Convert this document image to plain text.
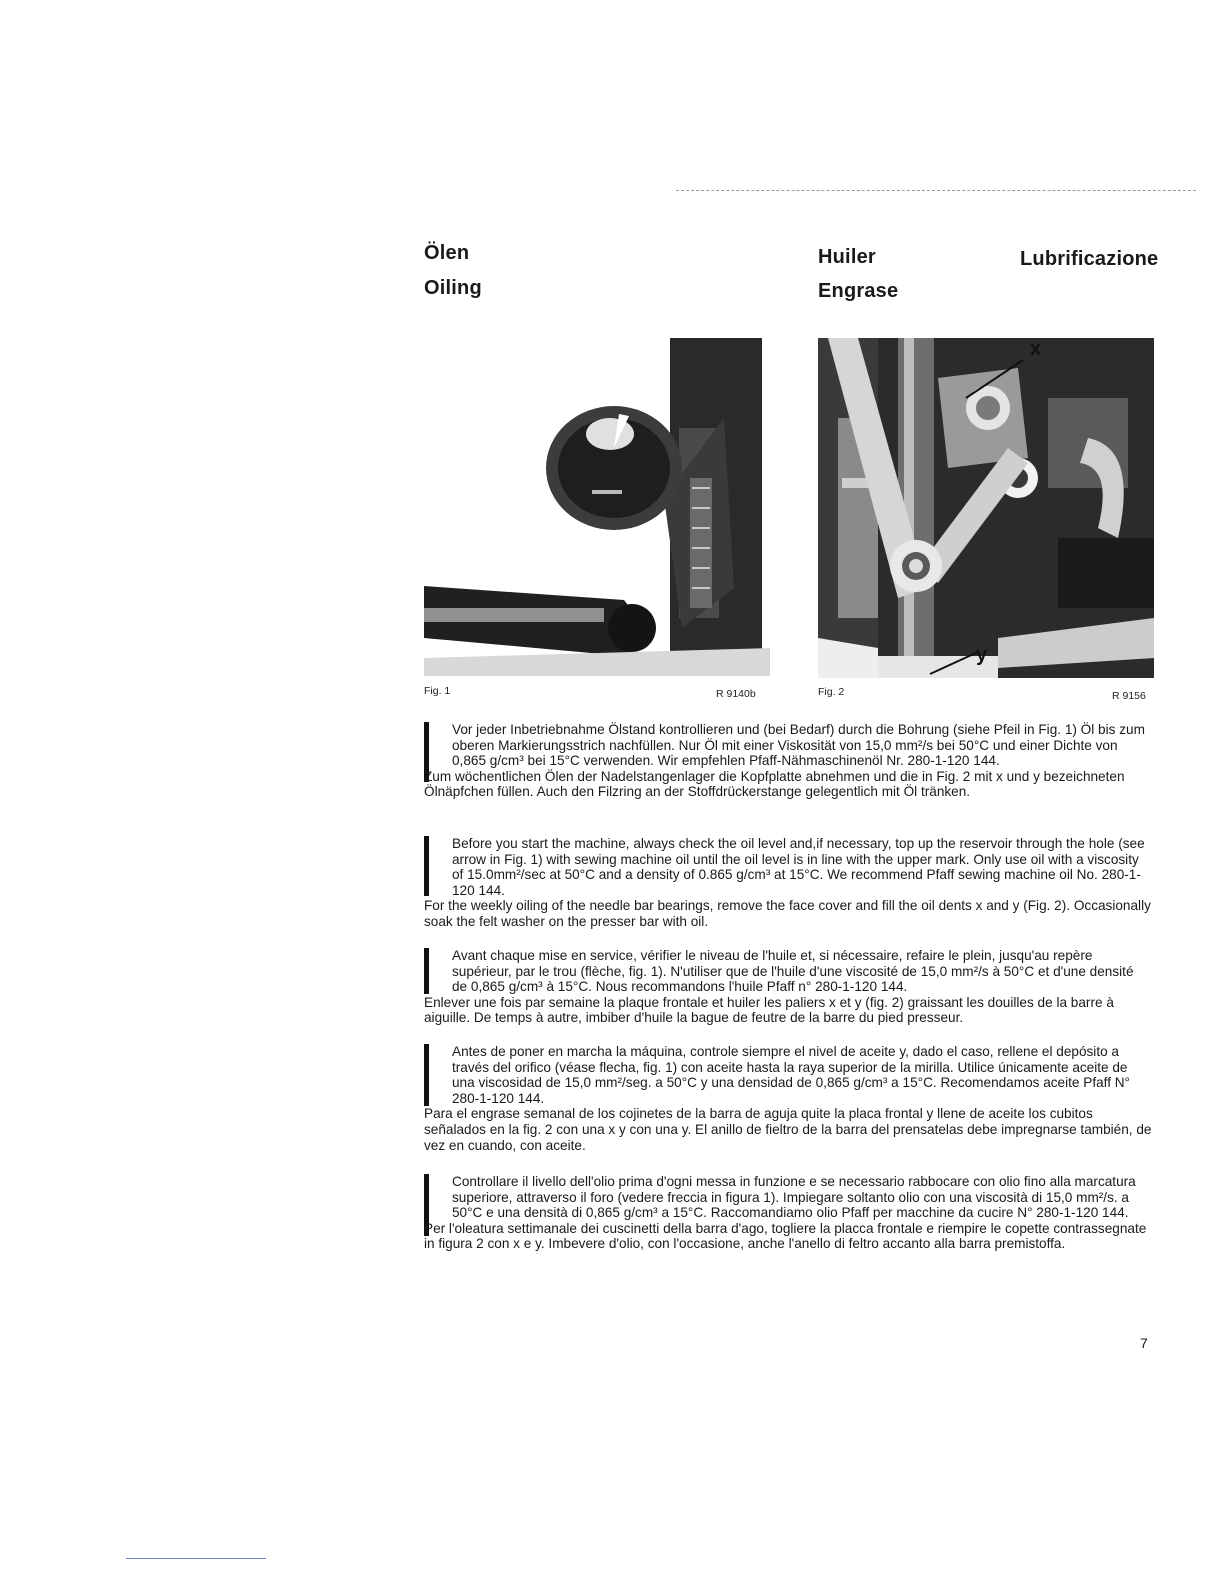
Ölen
Oiling
Huiler
Engrase
Lubrificazione
Fig. 1	R 9140b
x
y
Fig. 2	R 9156

Vor jeder Inbetriebnahme Ölstand kontrollieren und (bei Bedarf) durch die Bohrung (siehe Pfeil in Fig. 1) Öl bis zum oberen Markierungsstrich nachfüllen. Nur Öl mit einer Viskosität von 15,0 mm²/s bei 50°C und einer Dichte von 0,865 g/cm³ bei 15°C verwenden. Wir empfehlen Pfaff-Nähmaschinenöl Nr. 280-1-120 144.

Zum wöchentlichen Ölen der Nadelstangenlager die Kopfplatte abnehmen und die in Fig. 2 mit x und y bezeichneten Ölnäpfchen füllen. Auch den Filzring an der Stoffdrückerstange gelegentlich mit Öl tränken.

Before you start the machine, always check the oil level and,if necessary, top up the reservoir through the hole (see arrow in Fig. 1) with sewing machine oil until the oil level is in line with the upper mark. Only use oil with a viscosity of 15.0mm²/sec at 50°C and a density of 0.865 g/cm³ at 15°C. We recommend Pfaff sewing machine oil No. 280-1-120 144.

For the weekly oiling of the needle bar bearings, remove the face cover and fill the oil dents x and y (Fig. 2). Occasionally soak the felt washer on the presser bar with oil.

Avant chaque mise en service, vérifier le niveau de l'huile et, si nécessaire, refaire le plein, jusqu'au repère supérieur, par le trou (flèche, fig. 1). N'utiliser que de l'huile d'une viscosité de 15,0 mm²/s à 50°C et d'une densité de 0,865 g/cm³ à 15°C. Nous recommandons l'huile Pfaff n° 280-1-120 144.

Enlever une fois par semaine la plaque frontale et huiler les paliers x et y (fig. 2) graissant les douilles de la barre à aiguille. De temps à autre, imbiber d'huile la bague de feutre de la barre du pied presseur.

Antes de poner en marcha la máquina, controle siempre el nivel de aceite y, dado el caso, rellene el depósito a través del orifico (véase flecha, fig. 1) con aceite hasta la raya superior de la mirilla. Utilice únicamente aceite de una viscosidad de 15,0 mm²/seg. a 50°C y una densidad de 0,865 g/cm³ a 15°C. Recomendamos aceite Pfaff N° 280-1-120 144.

Para el engrase semanal de los cojinetes de la barra de aguja quite la placa frontal y llene de aceite los cubitos señalados en la fig. 2 con una x y con una y. El anillo de fieltro de la barra del prensatelas debe impregnarse también, de vez en cuando, con aceite.

Controllare il livello dell'olio prima d'ogni messa in funzione e se necessario rabbocare con olio fino alla marcatura superiore, attraverso il foro (vedere freccia in figura 1). Impiegare soltanto olio con una viscosità di 15,0 mm²/s. a 50°C e una densità di 0,865 g/cm³ a 15°C. Raccomandiamo olio Pfaff per macchine da cucire N° 280-1-120 144.

Per l'oleatura settimanale dei cuscinetti della barra d'ago, togliere la placca frontale e riempire le copette contrassegnate in figura 2 con x e y. Imbevere d'olio, con l'occasione, anche l'anello di feltro accanto alla barra premistoffa.

7
